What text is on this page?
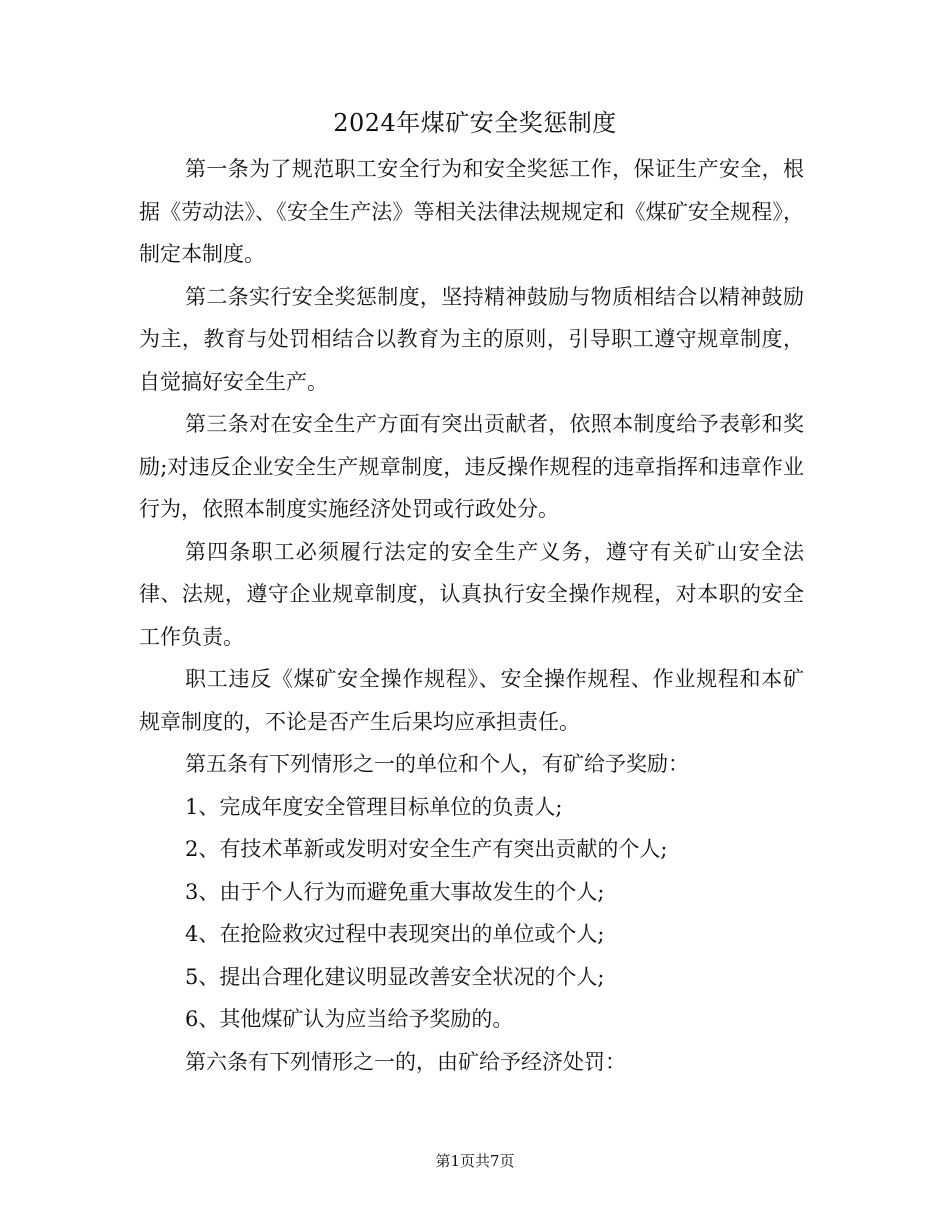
2024年煤矿安全奖惩制度

第一条为了规范职工安全行为和安全奖惩工作，保证生产安全，根据《劳动法》、《安全生产法》等相关法律法规规定和《煤矿安全规程》，制定本制度。

第二条实行安全奖惩制度，坚持精神鼓励与物质相结合以精神鼓励为主，教育与处罚相结合以教育为主的原则，引导职工遵守规章制度，自觉搞好安全生产。

第三条对在安全生产方面有突出贡献者，依照本制度给予表彰和奖励;对违反企业安全生产规章制度，违反操作规程的违章指挥和违章作业行为，依照本制度实施经济处罚或行政处分。

第四条职工必须履行法定的安全生产义务，遵守有关矿山安全法律、法规，遵守企业规章制度，认真执行安全操作规程，对本职的安全工作负责。

职工违反《煤矿安全操作规程》、安全操作规程、作业规程和本矿规章制度的，不论是否产生后果均应承担责任。

第五条有下列情形之一的单位和个人，有矿给予奖励：

1、完成年度安全管理目标单位的负责人;

2、有技术革新或发明对安全生产有突出贡献的个人;

3、由于个人行为而避免重大事故发生的个人;

4、在抢险救灾过程中表现突出的单位或个人;

5、提出合理化建议明显改善安全状况的个人;

6、其他煤矿认为应当给予奖励的。

第六条有下列情形之一的，由矿给予经济处罚：

第1页共7页
